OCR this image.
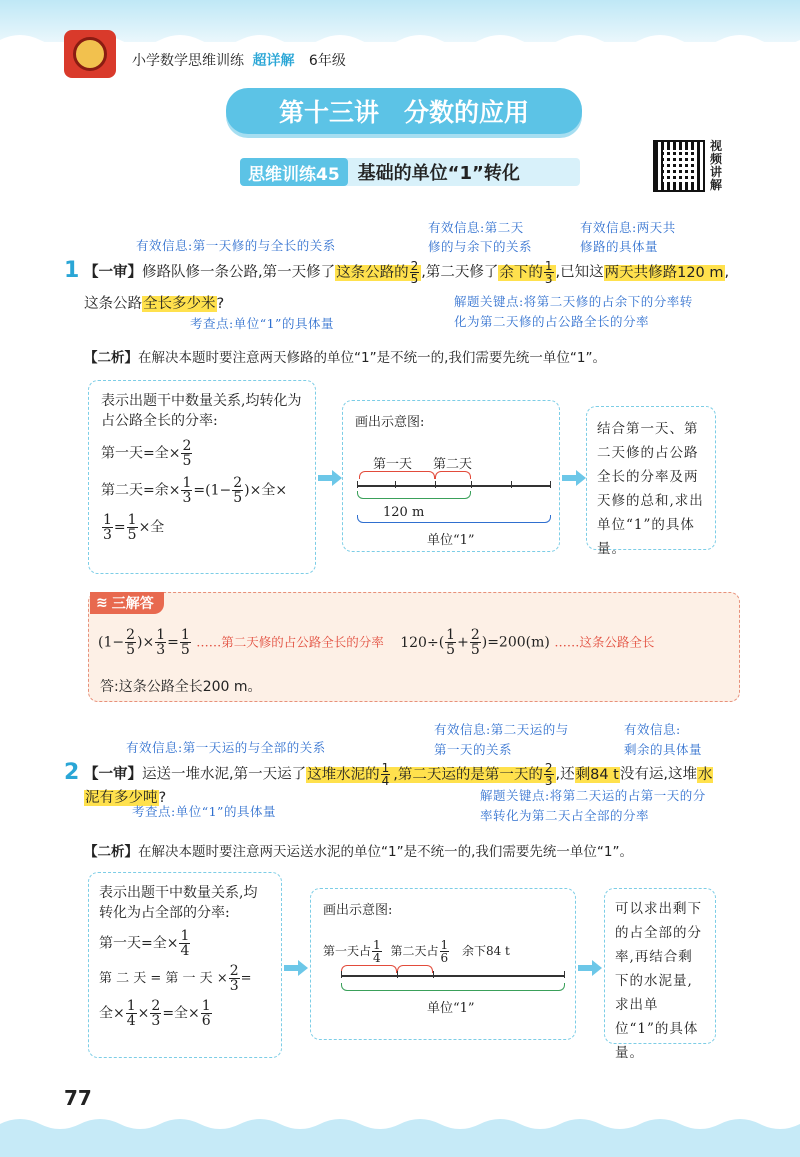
小学数学思维训练 超详解 6年级
第十三讲　分数的应用
思维训练45	基础的单位“1”转化
视频讲解
有效信息:第一天修的与全长的关系
有效信息:第二天
修的与余下的关系
有效信息:两天共
修路的具体量
1 【一审】修路队修一条公路,第一天修了这条公路的 $\frac{2}{5}$ ,第二天修了余下的 $\frac{1}{3}$ ,已知这两天共修路120 m,
这条公路全长多少米?
考查点:单位“1”的具体量
解题关键点:将第二天修的占余下的分率转
化为第二天修的占公路全长的分率
【二析】在解决本题时要注意两天修路的单位“1”是不统一的,我们需要先统一单位“1”。
表示出题干中数量关系,均转化为占公路全长的分率:
第一天=全× $\frac{2}{5}$
第二天=余× $\frac{1}{3} =(1- \frac{2}{5}$ )×全×
$\frac{1}{3} = \frac{1}{5}$ ×全
画出示意图:
第一天 第二天
120 m
单位“1”
结合第一天、第二天修的占公路全长的分率及两天修的总和,求出单位“1”的具体量。
≋ 三解答
($1- \frac{2}{5}$ )× $\frac{1}{3} = \frac{1}{5}$ ……第二天修的占公路全长的分率 $120\div( \frac{1}{5} + \frac{2}{5} )=200(m)$ ……这条公路全长
答:这条公路全长200 m。
有效信息:第一天运的与全部的关系
有效信息:第二天运的与
第一天的关系
有效信息:
剩余的具体量
2 【一审】运送一堆水泥,第一天运了这堆水泥的 $\frac{1}{4}$ ,第二天运的是第一天的 $\frac{2}{3}$ ,还剩84 t没有运,这堆水
泥有多少吨?
考查点:单位“1”的具体量
解题关键点:将第二天运的占第一天的分
率转化为第二天占全部的分率
【二析】在解决本题时要注意两天运送水泥的单位“1”是不统一的,我们需要先统一单位“1”。
表示出题干中数量关系,均转化为占全部的分率:
第一天=全× $\frac{1}{4}$
第 二 天 = 第 一 天 × $\frac{2}{3}$ =
全× $\frac{1}{4} \times \frac{2}{3}$ =全× $\frac{1}{6}$
画出示意图:
第一天占 $\frac{1}{4}$ 第二天占 $\frac{1}{6}$ 余下84 t
单位“1”
可以求出剩下的占全部的分率,再结合剩下的水泥量,求出单位“1”的具体量。
77
